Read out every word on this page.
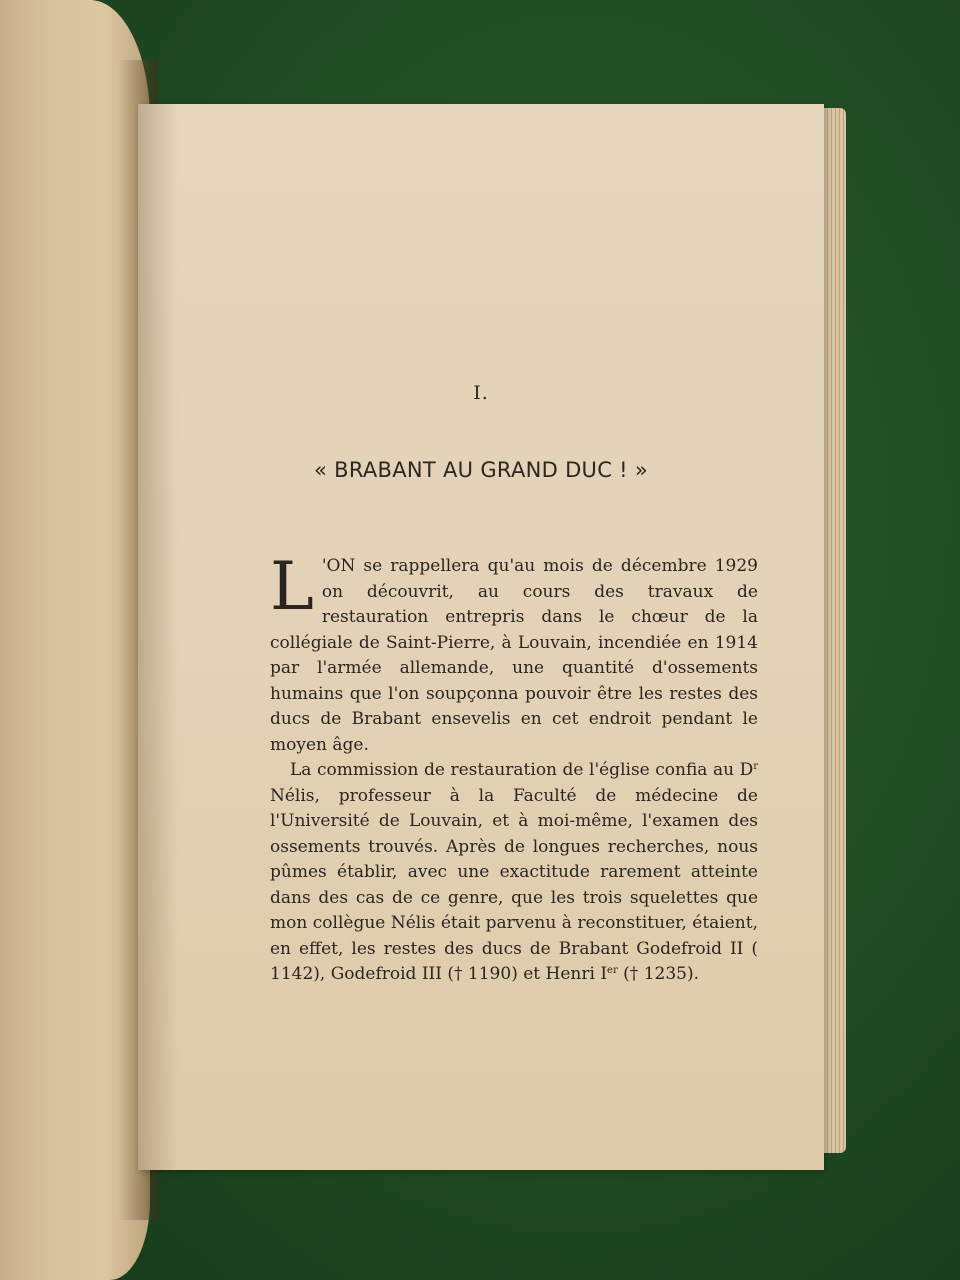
I.
« BRABANT AU GRAND DUC ! »

L 'ON se rappellera qu'au mois de décembre 1929 on découvrit, au cours des travaux de restauration entrepris dans le chœur de la collégiale de Saint-Pierre, à Louvain, incendiée en 1914 par l'armée allemande, une quantité d'ossements humains que l'on soupçonna pouvoir être les restes des ducs de Brabant ensevelis en cet endroit pendant le moyen âge.

La commission de restauration de l'église confia au $D^r$ Nélis, professeur à la Faculté de médecine de l'Université de Louvain, et à moi-même, l'examen des ossements trouvés. Après de longues recherches, nous pûmes établir, avec une exactitude rarement atteinte dans des cas de ce genre, que les trois squelettes que mon collègue Nélis était parvenu à reconstituer, étaient, en effet, les restes des ducs de Brabant Godefroid II ( 1142), Godefroid III († 1190) et Henri Ier († 1235).
